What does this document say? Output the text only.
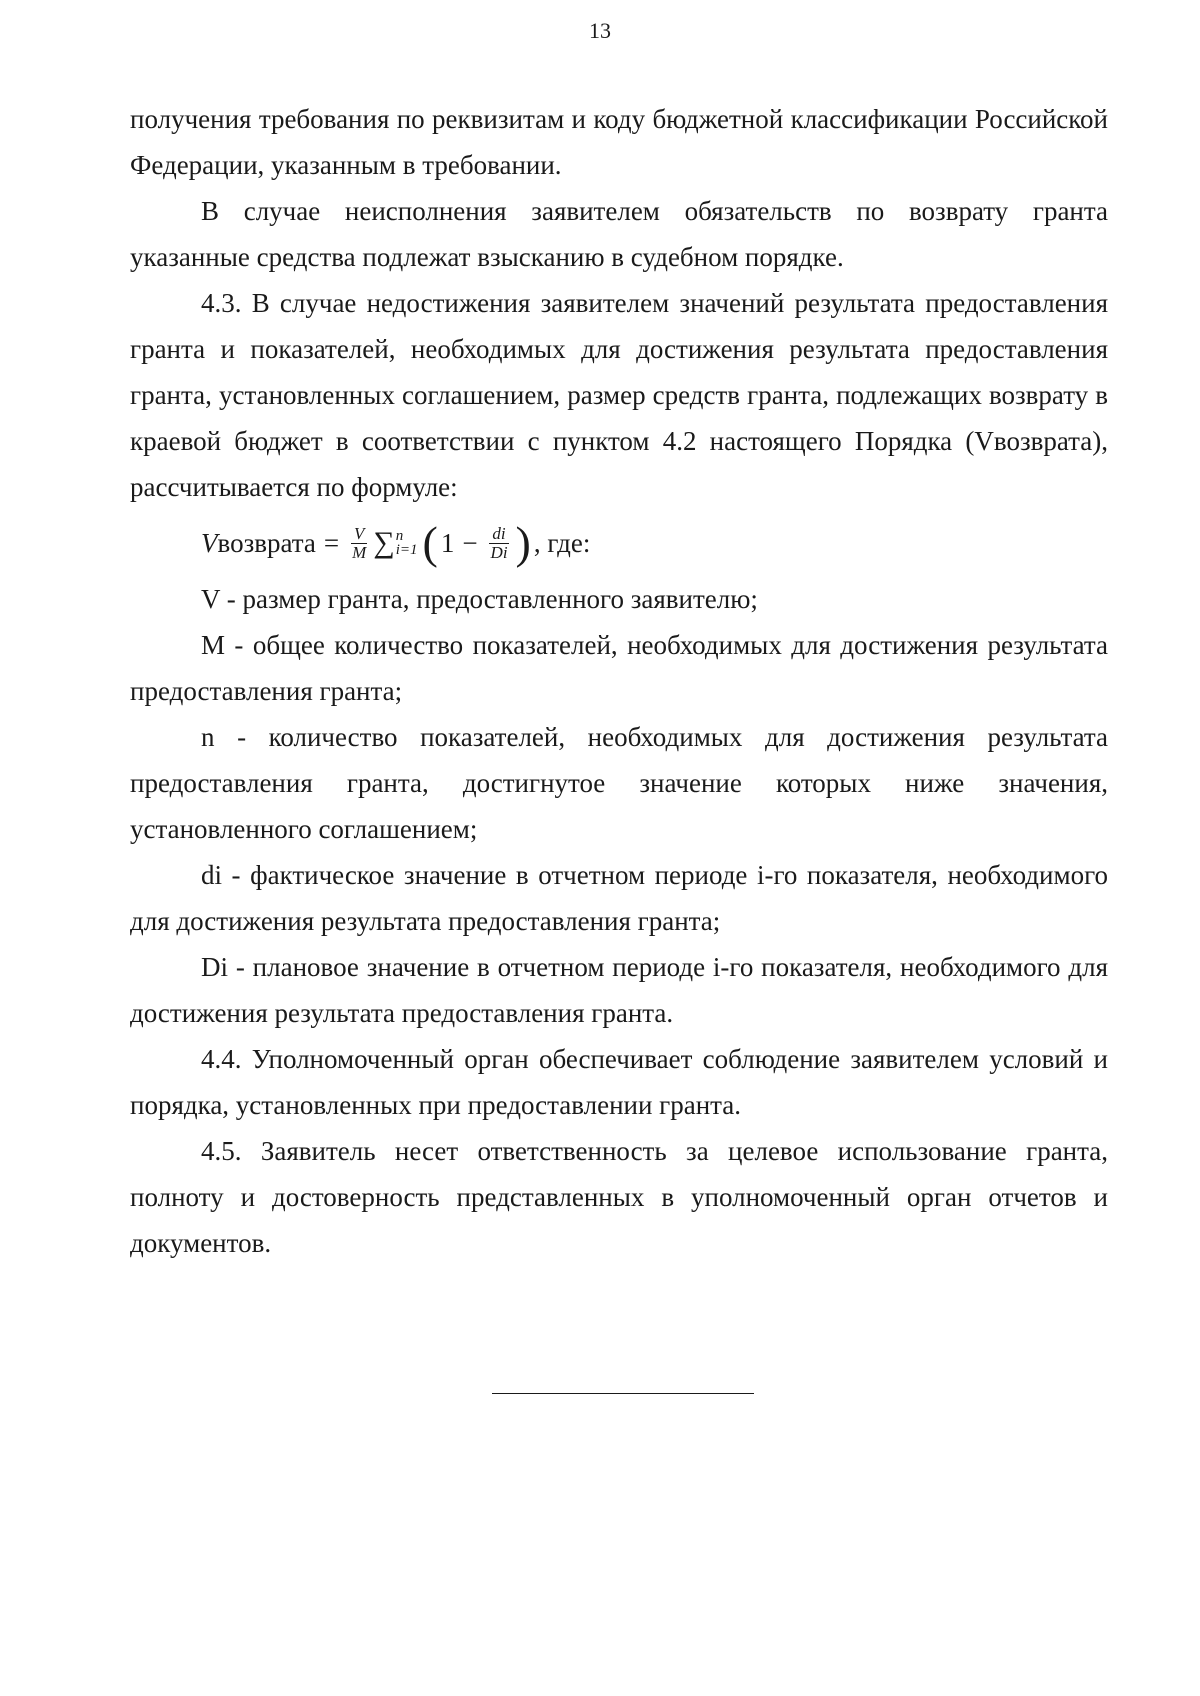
13

получения требования по реквизитам и коду бюджетной классификации Российской Федерации, указанным в требовании.

В случае неисполнения заявителем обязательств по возврату гранта указанные средства подлежат взысканию в судебном порядке.

4.3. В случае недостижения заявителем значений результата предоставления гранта и показателей, необходимых для достижения результата предоставления гранта, установленных соглашением, размер средств гранта, подлежащих возврату в краевой бюджет в соответствии с пунктом 4.2 настоящего Порядка (Vвозврата), рассчитывается по формуле:

V возврата = $\frac{V}{M}$ ∑ n
i=1 ( $1 - \frac{di}{Di}$ ) , где:

V - размер гранта, предоставленного заявителю;

M - общее количество показателей, необходимых для достижения результата предоставления гранта;

n - количество показателей, необходимых для достижения результата предоставления гранта, достигнутое значение которых ниже значения, установленного соглашением;

di - фактическое значение в отчетном периоде i-го показателя, необходимого для достижения результата предоставления гранта;

Di - плановое значение в отчетном периоде i-го показателя, необходимого для достижения результата предоставления гранта.

4.4. Уполномоченный орган обеспечивает соблюдение заявителем условий и порядка, установленных при предоставлении гранта.

4.5. Заявитель несет ответственность за целевое использование гранта, полноту и достоверность представленных в уполномоченный орган отчетов и документов.
